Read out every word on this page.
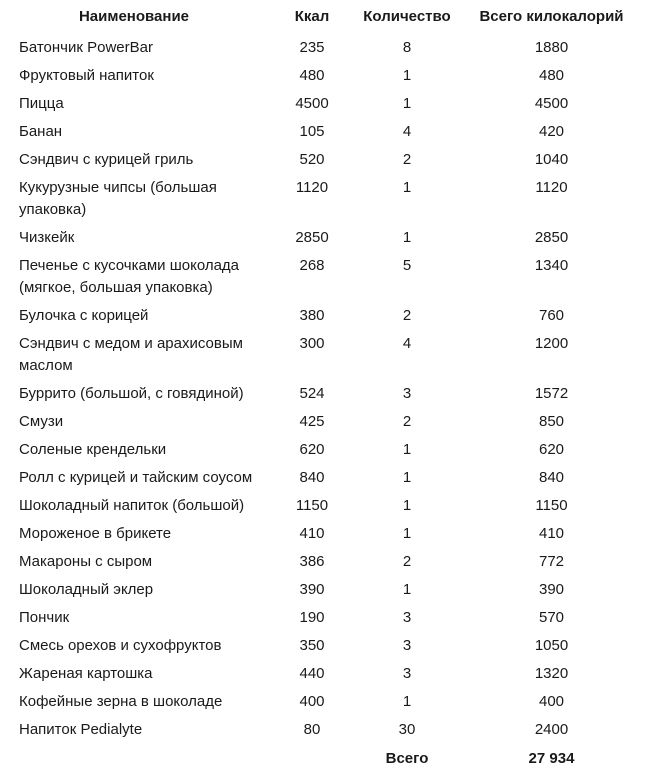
Наименование	Ккал	Количество	Всего килокалорий
Батончик PowerBar	235	8	1880
Фруктовый напиток	480	1	480
Пицца	4500	1	4500
Банан	105	4	420
Сэндвич с курицей гриль	520	2	1040
Кукурузные чипсы (большая упаковка)	1120	1	1120
Чизкейк	2850	1	2850
Печенье с кусочками шоколада (мягкое, большая упаковка)	268	5	1340
Булочка с корицей	380	2	760
Сэндвич с медом и арахисовым маслом	300	4	1200
Буррито (большой, с говядиной)	524	3	1572
Смузи	425	2	850
Соленые крендельки	620	1	620
Ролл с курицей и тайским соусом	840	1	840
Шоколадный напиток (большой)	1150	1	1150
Мороженое в брикете	410	1	410
Макароны с сыром	386	2	772
Шоколадный эклер	390	1	390
Пончик	190	3	570
Смесь орехов и сухофруктов	350	3	1050
Жареная картошка	440	3	1320
Кофейные зерна в шоколаде	400	1	400
Напиток Pedialyte	80	30	2400
		Всего	27 934
